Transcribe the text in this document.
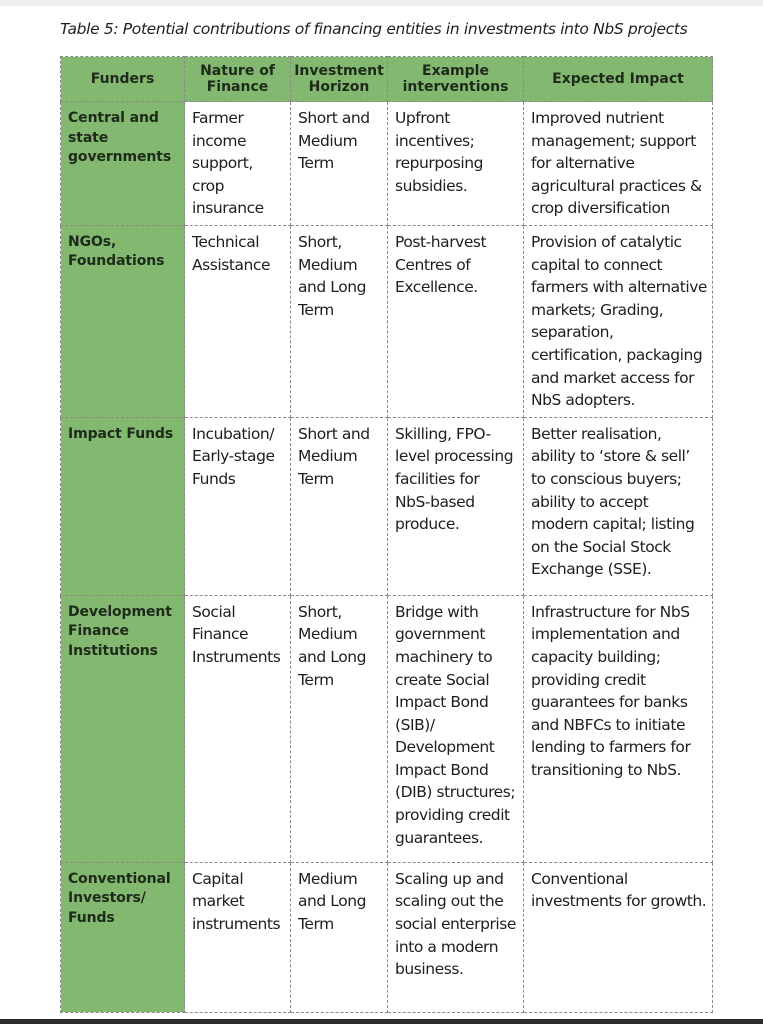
Table 5: Potential contributions of financing entities in investments into NbS projects
Funders	Nature of Finance	Investment Horizon	Example interventions	Expected Impact
Central and state governments	Farmer income support, crop insurance	Short and Medium Term	Upfront incentives; repurposing subsidies.	Improved nutrient management; support for alternative agricultural practices & crop diversification
NGOs, Foundations	Technical Assistance	Short, Medium and Long Term	Post-harvest Centres of Excellence.	Provision of catalytic capital to connect farmers with alternative markets; Grading, separation, certification, packaging and market access for NbS adopters.
Impact Funds	Incubation/ Early-stage Funds	Short and Medium Term	Skilling, FPO-level processing facilities for NbS-based produce.	Better realisation, ability to ‘store & sell’ to conscious buyers; ability to accept modern capital; listing on the Social Stock Exchange (SSE).
Development Finance Institutions	Social Finance Instruments	Short, Medium and Long Term	Bridge with government machinery to create Social Impact Bond (SIB)/ Development Impact Bond (DIB) structures; providing credit guarantees.	Infrastructure for NbS implementation and capacity building; providing credit guarantees for banks and NBFCs to initiate lending to farmers for transitioning to NbS.
Conventional Investors/ Funds	Capital market instruments	Medium and Long Term	Scaling up and scaling out the social enterprise into a modern business.	Conventional investments for growth.
